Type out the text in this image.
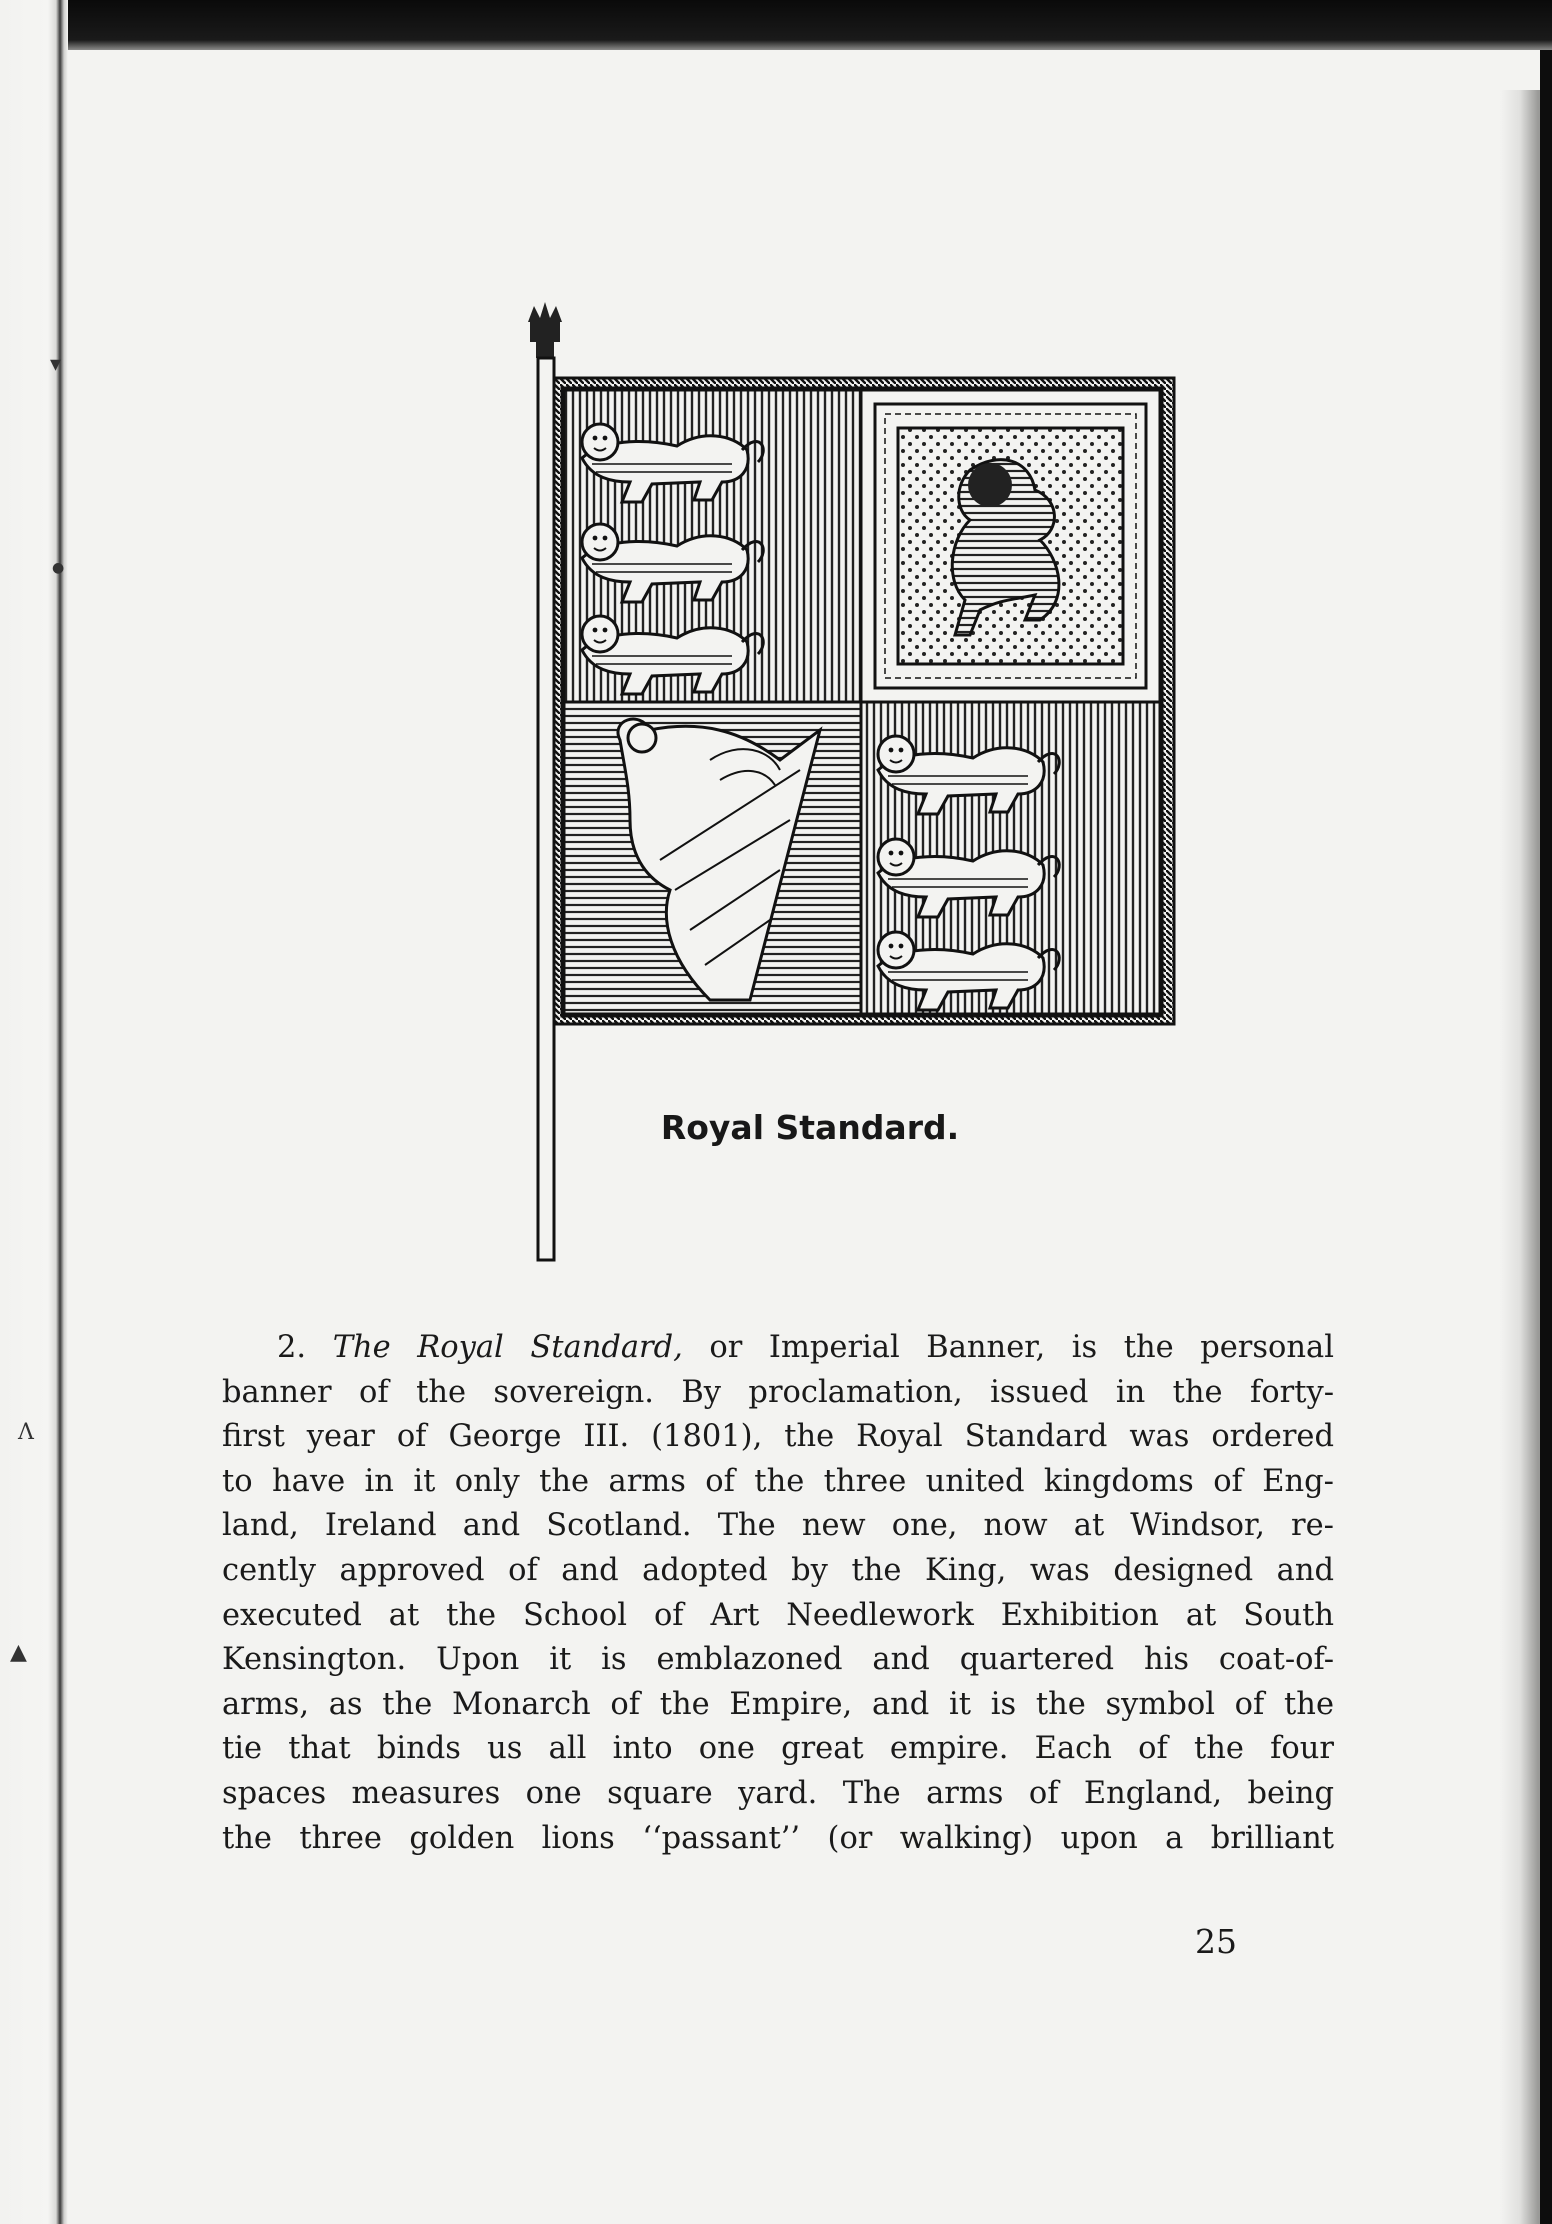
▾
●
Λ
▲
Royal Standard.
2. The Royal Standard, or Imperial Banner, is the personal
banner of the sovereign. By proclamation, issued in the forty-
first year of George III. (1801), the Royal Standard was ordered
to have in it only the arms of the three united kingdoms of Eng-
land, Ireland and Scotland. The new one, now at Windsor, re-
cently approved of and adopted by the King, was designed and
executed at the School of Art Needlework Exhibition at South
Kensington. Upon it is emblazoned and quartered his coat-of-
arms, as the Monarch of the Empire, and it is the symbol of the
tie that binds us all into one great empire. Each of the four
spaces measures one square yard. The arms of England, being
the three golden lions ‘‘passant’’ (or walking) upon a brilliant
25
